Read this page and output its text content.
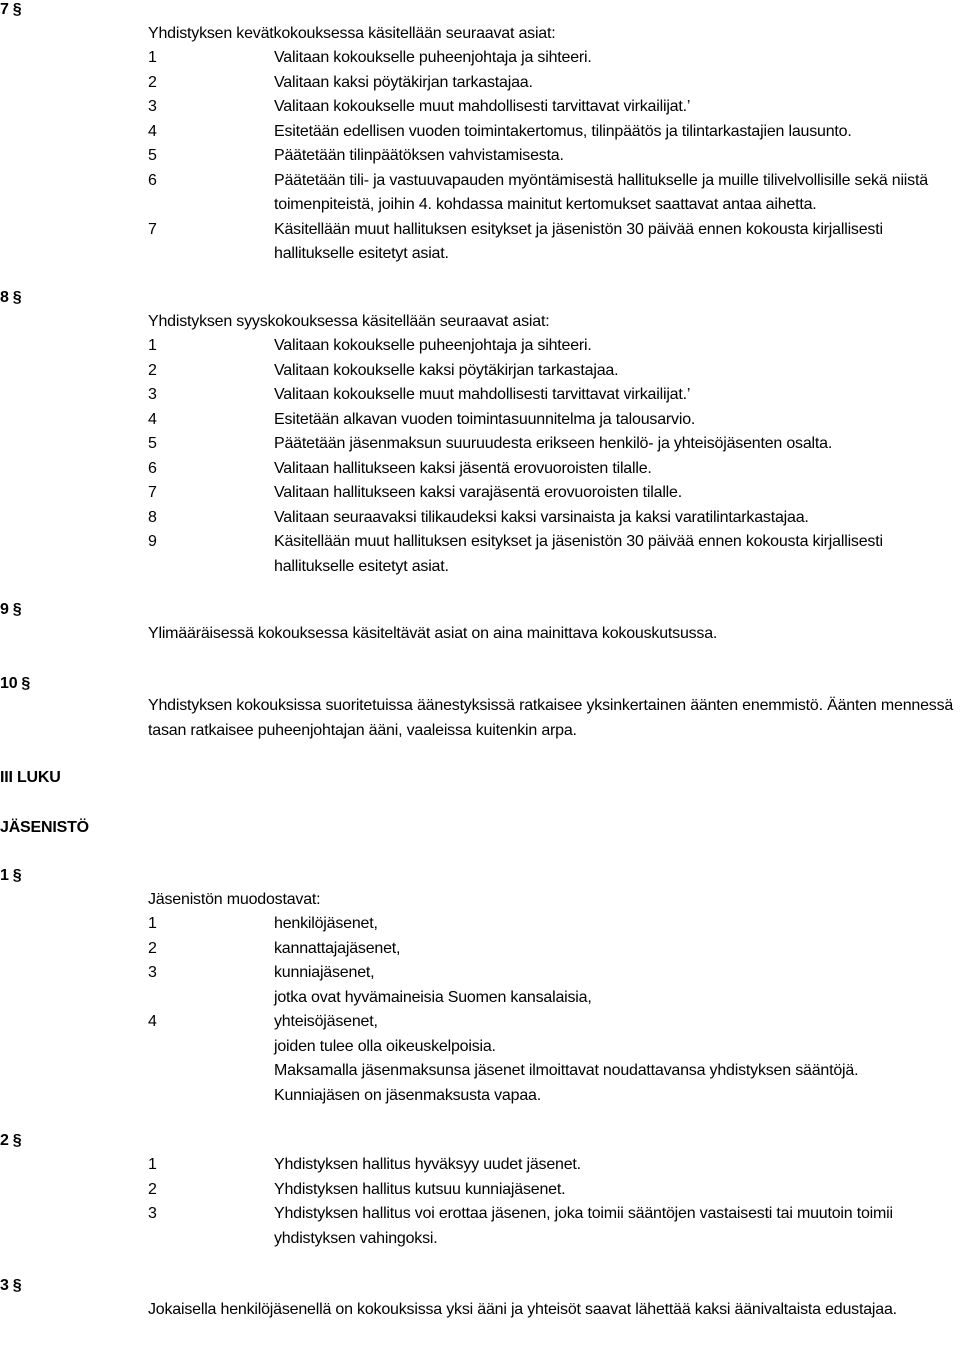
7 §
Yhdistyksen kevätkokouksessa käsitellään seuraavat asiat:
1	Valitaan kokoukselle puheenjohtaja ja sihteeri.
2	Valitaan kaksi pöytäkirjan tarkastajaa.
3	Valitaan kokoukselle muut mahdollisesti tarvittavat virkailijat.’
4	Esitetään edellisen vuoden toimintakertomus, tilinpäätös ja tilintarkastajien lausunto.
5	Päätetään tilinpäätöksen vahvistamisesta.
6	Päätetään tili- ja vastuuvapauden myöntämisestä hallitukselle ja muille tilivelvollisille sekä niistä toimenpiteistä, joihin 4. kohdassa mainitut kertomukset saattavat antaa aihetta.
7	Käsitellään muut hallituksen esitykset ja jäsenistön 30 päivää ennen kokousta kirjallisesti hallitukselle esitetyt asiat.
8 §
Yhdistyksen syyskokouksessa käsitellään seuraavat asiat:
1	Valitaan kokoukselle puheenjohtaja ja sihteeri.
2	Valitaan kokoukselle kaksi pöytäkirjan tarkastajaa.
3	Valitaan kokoukselle muut mahdollisesti tarvittavat virkailijat.’
4	Esitetään alkavan vuoden toimintasuunnitelma ja talousarvio.
5	Päätetään jäsenmaksun suuruudesta erikseen henkilö- ja yhteisöjäsenten osalta.
6	Valitaan hallitukseen kaksi jäsentä erovuoroisten tilalle.
7	Valitaan hallitukseen kaksi varajäsentä erovuoroisten tilalle.
8	Valitaan seuraavaksi tilikaudeksi kaksi varsinaista ja kaksi varatilintarkastajaa.
9	Käsitellään muut hallituksen esitykset ja jäsenistön 30 päivää ennen kokousta kirjallisesti hallitukselle esitetyt asiat.
9 §
Ylimääräisessä kokouksessa käsiteltävät asiat on aina mainittava kokouskutsussa.
10 §
Yhdistyksen kokouksissa suoritetuissa äänestyksissä ratkaisee yksinkertainen äänten enemmistö. Äänten mennessä tasan ratkaisee puheenjohtajan ääni, vaaleissa kuitenkin arpa.
III LUKU
JÄSENISTÖ
1 §
Jäsenistön muodostavat:
1	henkilöjäsenet,
2	kannattajajäsenet,
3	kunniajäsenet,
jotka ovat hyvämaineisia Suomen kansalaisia,
4	yhteisöjäsenet,
joiden tulee olla oikeuskelpoisia.
Maksamalla jäsenmaksunsa jäsenet ilmoittavat noudattavansa yhdistyksen sääntöjä.
Kunniajäsen on jäsenmaksusta vapaa.
2 §
1	Yhdistyksen hallitus hyväksyy uudet jäsenet.
2	Yhdistyksen hallitus kutsuu kunniajäsenet.
3	Yhdistyksen hallitus voi erottaa jäsenen, joka toimii sääntöjen vastaisesti tai muutoin toimii yhdistyksen vahingoksi.
3 §
Jokaisella henkilöjäsenellä on kokouksissa yksi ääni ja yhteisöt saavat lähettää kaksi äänivaltaista edustajaa.
